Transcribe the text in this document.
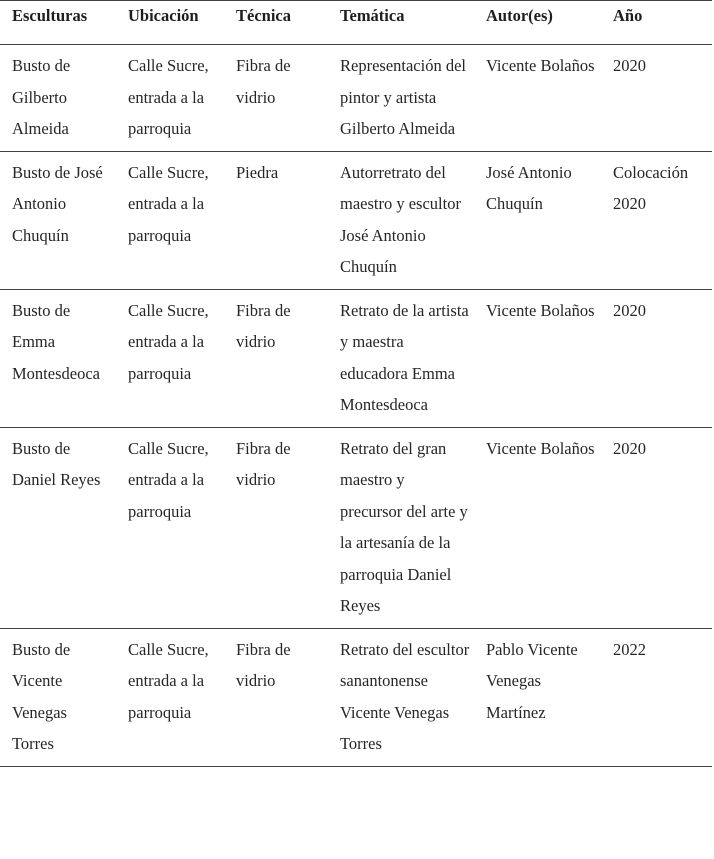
Esculturas	Ubicación	Técnica	Temática	Autor(es)	Año
Busto de Gilberto Almeida	Calle Sucre, entrada a la parroquia	Fibra de vidrio	Representación del pintor y artista Gilberto Almeida	Vicente Bolaños	2020
Busto de José Antonio Chuquín	Calle Sucre, entrada a la parroquia	Piedra	Autorretrato del maestro y escultor José Antonio Chuquín	José Antonio Chuquín	Colocación 2020
Busto de Emma Montesdeoca	Calle Sucre, entrada a la parroquia	Fibra de vidrio	Retrato de la artista y maestra educadora Emma Montesdeoca	Vicente Bolaños	2020
Busto de Daniel Reyes	Calle Sucre, entrada a la parroquia	Fibra de vidrio	Retrato del gran maestro y precursor del arte y la artesanía de la parroquia Daniel Reyes	Vicente Bolaños	2020
Busto de Vicente Venegas Torres	Calle Sucre, entrada a la parroquia	Fibra de vidrio	Retrato del escultor sanantonense Vicente Venegas Torres	Pablo Vicente Venegas Martínez	2022
